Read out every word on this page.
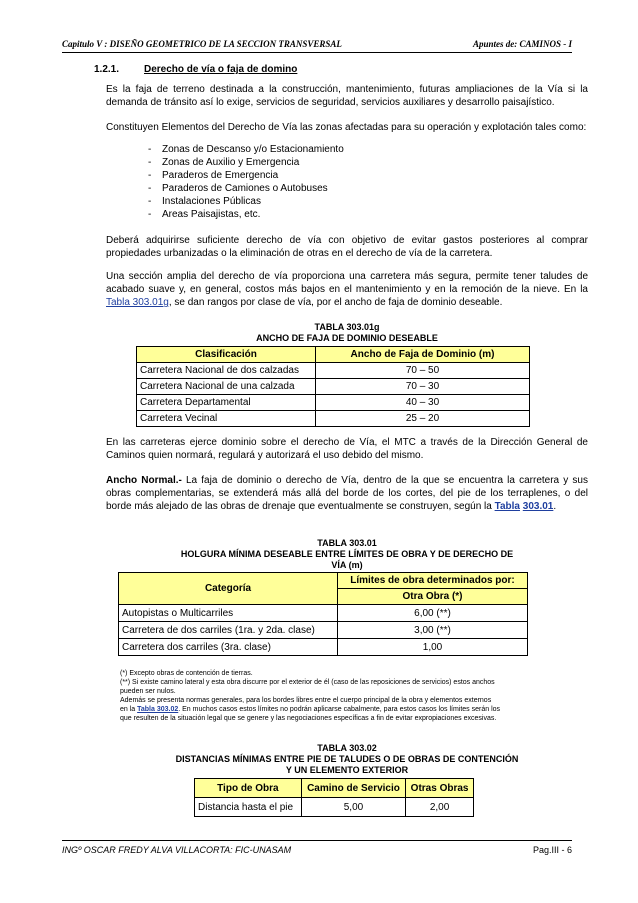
Capitulo V : DISEÑO GEOMETRICO DE LA SECCION TRANSVERSAL	Apuntes de: CAMINOS - I
1.2.1. Derecho de vía o faja de domino
Es la faja de terreno destinada a la construcción, mantenimiento, futuras ampliaciones de la Vía si la demanda de tránsito así lo exige, servicios de seguridad, servicios auxiliares y desarrollo paisajístico.
Constituyen Elementos del Derecho de Vía las zonas afectadas para su operación y explotación tales como:
- Zonas de Descanso y/o Estacionamiento
- Zonas de Auxilio y Emergencia
- Paraderos de Emergencia
- Paraderos de Camiones o Autobuses
- Instalaciones Públicas
- Areas Paisajistas, etc.
Deberá adquirirse suficiente derecho de vía con objetivo de evitar gastos posteriores al comprar propiedades urbanizadas o la eliminación de otras en el derecho de vía de la carretera.
Una sección amplia del derecho de vía proporciona una carretera más segura, permite tener taludes de acabado suave y, en general, costos más bajos en el mantenimiento y en la remoción de la nieve. En la Tabla 303.01g, se dan rangos por clase de vía, por el ancho de faja de dominio deseable.
TABLA 303.01g
ANCHO DE FAJA DE DOMINIO DESEABLE
Clasificación	Ancho de Faja de Dominio (m)
Carretera Nacional de dos calzadas	70 – 50
Carretera Nacional de una calzada	70 – 30
Carretera Departamental	40 – 30
Carretera Vecinal	25 – 20
En las carreteras ejerce dominio sobre el derecho de Vía, el MTC a través de la Dirección General de Caminos quien normará, regulará y autorizará el uso debido del mismo.
Ancho Normal.- La faja de dominio o derecho de Vía, dentro de la que se encuentra la carretera y sus obras complementarias, se extenderá más allá del borde de los cortes, del pie de los terraplenes, o del borde más alejado de las obras de drenaje que eventualmente se construyen, según la Tabla 303.01.
TABLA 303.01
HOLGURA MÍNIMA DESEABLE ENTRE LÍMITES DE OBRA Y DE DERECHO DE
VÍA (m)
Categoría	Límites de obra determinados por:
	Otra Obra (*)
Autopistas o Multicarriles	6,00 (**)
Carretera de dos carriles (1ra. y 2da. clase)	3,00 (**)
Carretera dos carriles (3ra. clase)	1,00
(*) Excepto obras de contención de tierras.
(**) Si existe camino lateral y esta obra discurre por el exterior de él (caso de las reposiciones de servicios) estos anchos pueden ser nulos.
Además se presenta normas generales, para los bordes libres entre el cuerpo principal de la obra y elementos externos en la Tabla 303.02. En muchos casos estos límites no podrán aplicarse cabalmente, para estos casos los límites serán los que resulten de la situación legal que se genere y las negociaciones específicas a fin de evitar expropiaciones excesivas.
TABLA 303.02
DISTANCIAS MÍNIMAS ENTRE PIE DE TALUDES O DE OBRAS DE CONTENCIÓN
Y UN ELEMENTO EXTERIOR
Tipo de Obra	Camino de Servicio	Otras Obras
Distancia hasta el pie	5,00	2,00
INGº OSCAR FREDY ALVA VILLACORTA: FIC-UNASAM	Pag.III - 6
